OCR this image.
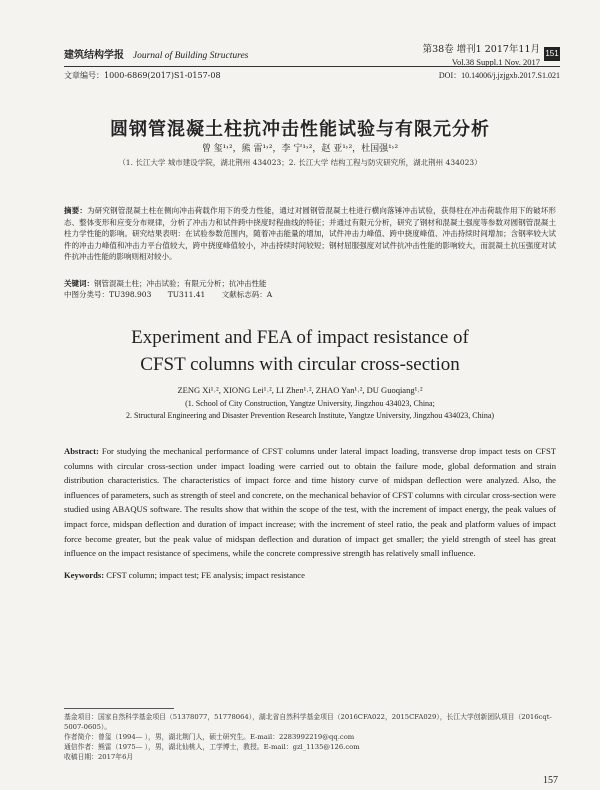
建筑结构学报 Journal of Building Structures
第38卷 增刊1 2017年11月
Vol.38 Suppl.1 Nov. 2017
151
文章编号：1000-6869(2017)S1-0157-08	DOI：10.14006/j.jzjgxb.2017.S1.021
圆钢管混凝土柱抗冲击性能试验与有限元分析
曾 玺¹˒²，熊 雷¹˒²，李 宁¹˒²，赵 亚¹˒²，杜国强¹˒²
（1. 长江大学 城市建设学院，湖北荆州 434023；2. 长江大学 结构工程与防灾研究所，湖北荆州 434023）
摘要：为研究钢管混凝土柱在侧向冲击荷载作用下的受力性能，通过对圆钢管混凝土柱进行横向落锤冲击试验，获得柱在冲击荷载作用下的破坏形态、整体变形和应变分布规律，分析了冲击力和试件跨中挠度时程曲线的特征；并通过有限元分析，研究了钢材和混凝土强度等参数对圆钢管混凝土柱力学性能的影响。研究结果表明：在试验参数范围内，随着冲击能量的增加，试件冲击力峰值、跨中挠度峰值、冲击持续时间增加；含钢率较大试件的冲击力峰值和冲击力平台值较大，跨中挠度峰值较小，冲击持续时间较短；钢材屈服强度对试件抗冲击性能的影响较大，而混凝土抗压强度对试件抗冲击性能的影响则相对较小。
关键词：钢管混凝土柱；冲击试验；有限元分析；抗冲击性能
中图分类号：TU398.903 TU311.41 文献标志码：A
Experiment and FEA of impact resistance of
CFST columns with circular cross-section
ZENG Xi¹˒², XIONG Lei¹˒², LI Zhen¹˒², ZHAO Yan¹˒², DU Guoqiang¹˒²
(1. School of City Construction, Yangtze University, Jingzhou 434023, China;
2. Structural Engineering and Disaster Prevention Research Institute, Yangtze University, Jingzhou 434023, China)
Abstract: For studying the mechanical performance of CFST columns under lateral impact loading, transverse drop impact tests on CFST columns with circular cross-section under impact loading were carried out to obtain the failure mode, global deformation and strain distribution characteristics. The characteristics of impact force and time history curve of midspan deflection were analyzed. Also, the influences of parameters, such as strength of steel and concrete, on the mechanical behavior of CFST columns with circular cross-section were studied using ABAQUS software. The results show that within the scope of the test, with the increment of impact energy, the peak values of impact force, midspan deflection and duration of impact increase; with the increment of steel ratio, the peak and platform values of impact force become greater, but the peak value of midspan deflection and duration of impact get smaller; the yield strength of steel has great influence on the impact resistance of specimens, while the concrete compressive strength has relatively small influence.
Keywords: CFST column; impact test; FE analysis; impact resistance
基金项目：国家自然科学基金项目（51378077，51778064），湖北省自然科学基金项目（2016CFA022，2015CFA029），长江大学创新团队项目（2016cqt-5007-0605）。
作者简介：曾玺（1994— ），男，湖北荆门人，硕士研究生。E-mail：2283992219@qq.com
通信作者：熊雷（1975— ），男，湖北仙桃人，工学博士，教授。E-mail：gzl_1135@126.com
收稿日期：2017年6月
157
